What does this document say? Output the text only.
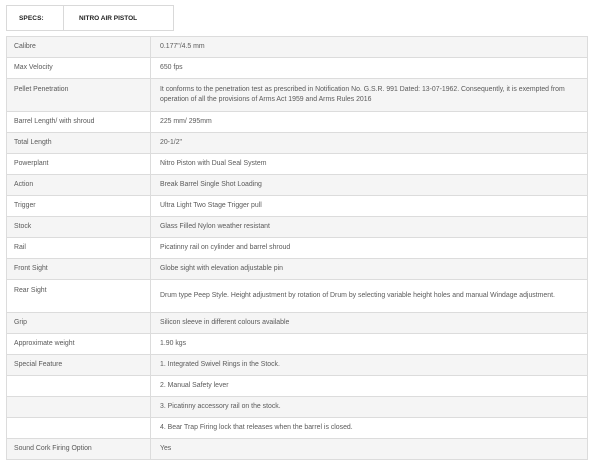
SPECS:	NITRO AIR PISTOL
Calibre	0.177"/4.5 mm
Max Velocity	650 fps
Pellet Penetration	It conforms to the penetration test as prescribed in Notification No. G.S.R. 991 Dated: 13-07-1962. Consequently, it is exempted from operation of all the provisions of Arms Act 1959 and Arms Rules 2016
Barrel Length/ with shroud	225 mm/ 295mm
Total Length	20-1/2"
Powerplant	Nitro Piston with Dual Seal System
Action	Break Barrel Single Shot Loading
Trigger	Ultra Light Two Stage Trigger pull
Stock	Glass Filled Nylon weather resistant
Rail	Picatinny rail on cylinder and barrel shroud
Front Sight	Globe sight with elevation adjustable pin
Rear Sight	Drum type Peep Style. Height adjustment by rotation of Drum by selecting variable height holes and manual Windage adjustment.
Grip	Silicon sleeve in different colours available
Approximate weight	1.90 kgs
Special Feature	1. Integrated Swivel Rings in the Stock.
	2. Manual Safety lever
	3. Picatinny accessory rail on the stock.
	4. Bear Trap Firing lock that releases when the barrel is closed.
Sound Cork Firing Option	Yes
